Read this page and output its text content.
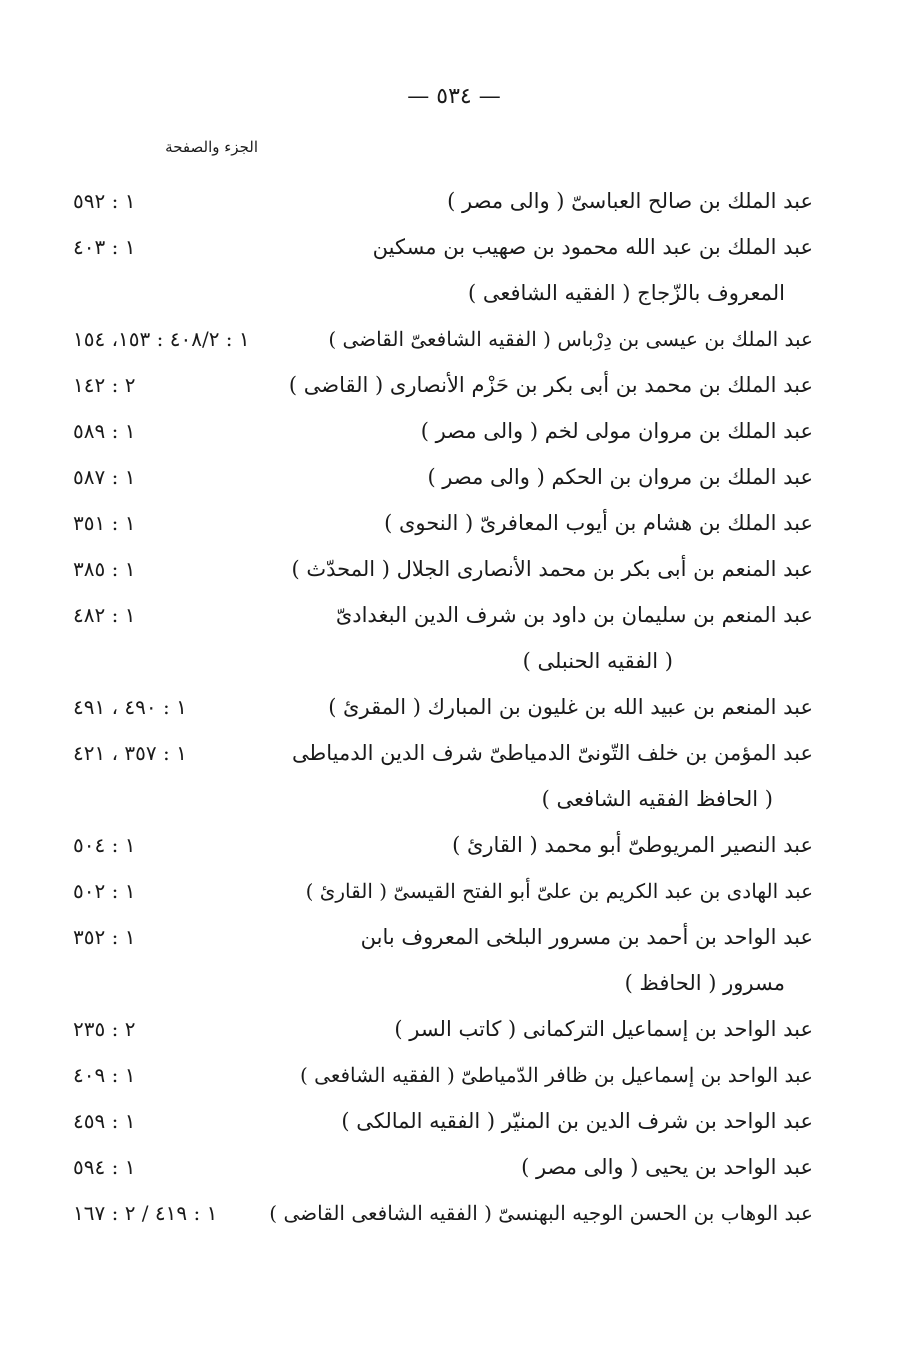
— ٥٣٤ —
الجزء والصفحة
عبد الملك بن صالح العباسىّ ( والى مصر )
١ : ٥٩٢
عبد الملك بن عبد الله محمود بن صهيب بن مسكين
١ : ٤٠٣
المعروف بالزّجاج ( الفقيه الشافعى )
عبد الملك بن عيسى بن دِرْباس ( الفقيه الشافعىّ القاضى )
١ : ٤٠٨/٢ : ١٥٣، ١٥٤
عبد الملك بن محمد بن أبى بكر بن حَزْم الأنصارى ( القاضى )
٢ : ١٤٢
عبد الملك بن مروان مولى لخم ( والى مصر )
١ : ٥٨٩
عبد الملك بن مروان بن الحكم ( والى مصر )
١ : ٥٨٧
عبد الملك بن هشام بن أيوب المعافرىّ ( النحوى )
١ : ٣٥١
عبد المنعم بن أبى بكر بن محمد الأنصارى الجلال ( المحدّث )
١ : ٣٨٥
عبد المنعم بن سليمان بن داود بن شرف الدين البغدادىّ
١ : ٤٨٢
( الفقيه الحنبلى )
عبد المنعم بن عبيد الله بن غليون بن المبارك ( المقرئ )
١ : ٤٩٠ ، ٤٩١
عبد المؤمن بن خلف التّونىّ الدمياطىّ شرف الدين الدمياطى
١ : ٣٥٧ ، ٤٢١
( الحافظ الفقيه الشافعى )
عبد النصير المريوطىّ أبو محمد ( القارئ )
١ : ٥٠٤
عبد الهادى بن عبد الكريم بن علىّ أبو الفتح القيسىّ ( القارئ )
١ : ٥٠٢
عبد الواحد بن أحمد بن مسرور البلخى المعروف بابن
١ : ٣٥٢
مسرور ( الحافظ )
عبد الواحد بن إسماعيل التركمانى ( كاتب السر )
٢ : ٢٣٥
عبد الواحد بن إسماعيل بن ظافر الدّمياطىّ ( الفقيه الشافعى )
١ : ٤٠٩
عبد الواحد بن شرف الدين بن المنيّر ( الفقيه المالكى )
١ : ٤٥٩
عبد الواحد بن يحيى ( والى مصر )
١ : ٥٩٤
عبد الوهاب بن الحسن الوجيه البهنسىّ ( الفقيه الشافعى القاضى )
١ : ٤١٩ / ٢ : ١٦٧
